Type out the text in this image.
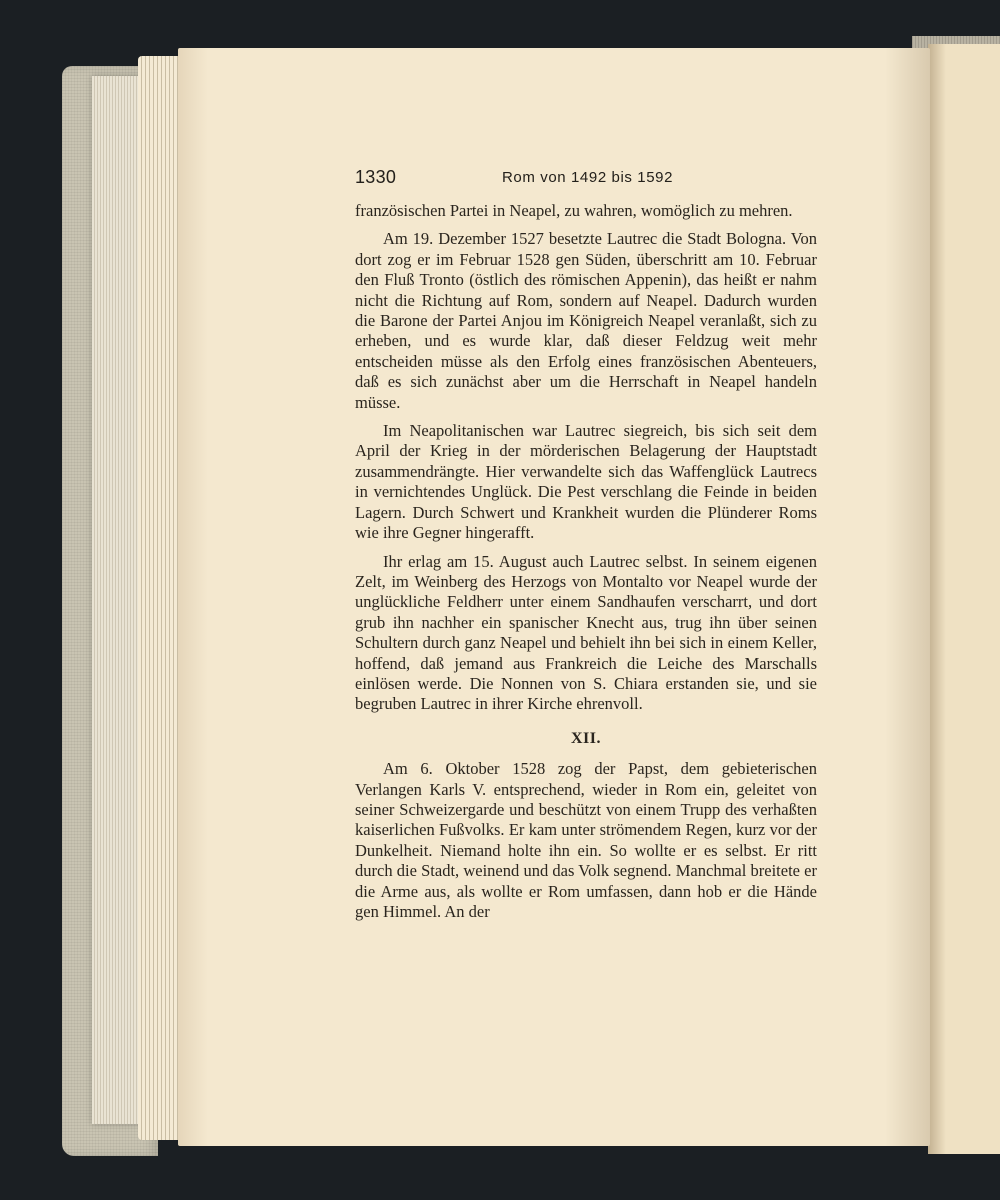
1330	Rom von 1492 bis 1592

französischen Partei in Neapel, zu wahren, womöglich zu mehren.

Am 19. Dezember 1527 besetzte Lautrec die Stadt Bologna. Von dort zog er im Februar 1528 gen Süden, überschritt am 10. Februar den Fluß Tronto (östlich des römischen Appenin), das heißt er nahm nicht die Richtung auf Rom, sondern auf Neapel. Dadurch wurden die Barone der Partei Anjou im Königreich Neapel veranlaßt, sich zu erheben, und es wurde klar, daß dieser Feldzug weit mehr entscheiden müsse als den Erfolg eines französischen Abenteuers, daß es sich zunächst aber um die Herrschaft in Neapel handeln müsse.

Im Neapolitanischen war Lautrec siegreich, bis sich seit dem April der Krieg in der mörderischen Belagerung der Hauptstadt zusammendrängte. Hier verwandelte sich das Waffenglück Lautrecs in vernichtendes Unglück. Die Pest verschlang die Feinde in beiden Lagern. Durch Schwert und Krankheit wurden die Plünderer Roms wie ihre Gegner hingerafft.

Ihr erlag am 15. August auch Lautrec selbst. In seinem eigenen Zelt, im Weinberg des Herzogs von Montalto vor Neapel wurde der unglückliche Feldherr unter einem Sandhaufen verscharrt, und dort grub ihn nachher ein spanischer Knecht aus, trug ihn über seinen Schultern durch ganz Neapel und behielt ihn bei sich in einem Keller, hoffend, daß jemand aus Frankreich die Leiche des Marschalls einlösen werde. Die Nonnen von S. Chiara erstanden sie, und sie begruben Lautrec in ihrer Kirche ehrenvoll.

XII.

Am 6. Oktober 1528 zog der Papst, dem gebieterischen Verlangen Karls V. entsprechend, wieder in Rom ein, geleitet von seiner Schweizergarde und beschützt von einem Trupp des verhaßten kaiserlichen Fußvolks. Er kam unter strömendem Regen, kurz vor der Dunkelheit. Niemand holte ihn ein. So wollte er es selbst. Er ritt durch die Stadt, weinend und das Volk segnend. Manchmal breitete er die Arme aus, als wollte er Rom umfassen, dann hob er die Hände gen Himmel. An der
